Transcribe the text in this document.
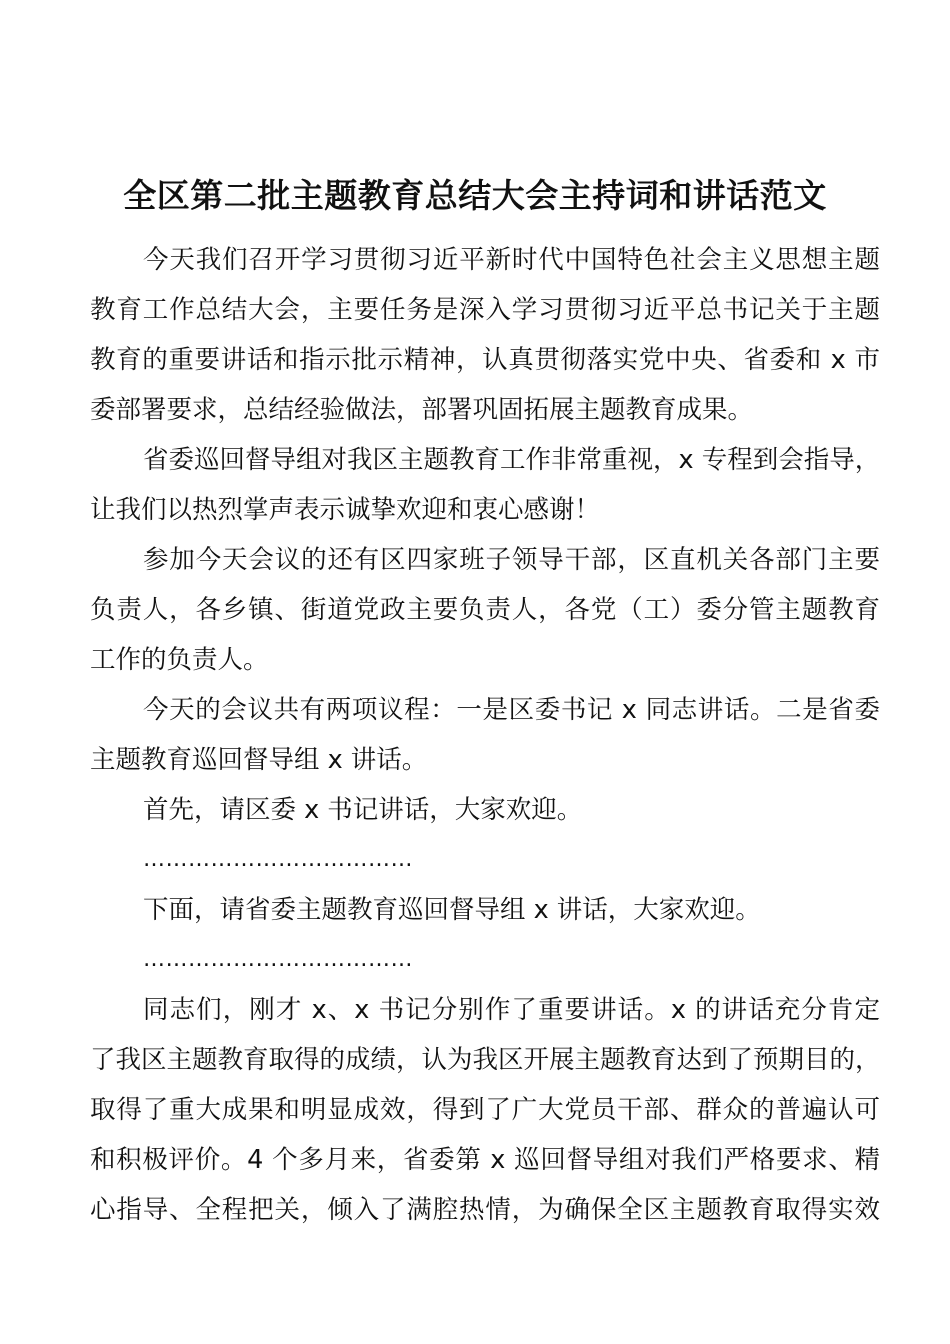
全区第二批主题教育总结大会主持词和讲话范文
今天我们召开学习贯彻习近平新时代中国特色社会主义思想主题
教育工作总结大会，主要任务是深入学习贯彻习近平总书记关于主题
教育的重要讲话和指示批示精神，认真贯彻落实党中央、省委和 x 市
委部署要求，总结经验做法，部署巩固拓展主题教育成果。
省委巡回督导组对我区主题教育工作非常重视，x 专程到会指导，
让我们以热烈掌声表示诚挚欢迎和衷心感谢！
参加今天会议的还有区四家班子领导干部，区直机关各部门主要
负责人，各乡镇、街道党政主要负责人，各党（工）委分管主题教育
工作的负责人。
今天的会议共有两项议程：一是区委书记 x 同志讲话。二是省委
主题教育巡回督导组 x 讲话。
首先，请区委 x 书记讲话，大家欢迎。
………………………………
下面，请省委主题教育巡回督导组 x 讲话，大家欢迎。
………………………………
同志们，刚才 x、x 书记分别作了重要讲话。x 的讲话充分肯定
了我区主题教育取得的成绩，认为我区开展主题教育达到了预期目的，
取得了重大成果和明显成效，得到了广大党员干部、群众的普遍认可
和积极评价。4 个多月来，省委第 x 巡回督导组对我们严格要求、精
心指导、全程把关，倾入了满腔热情，为确保全区主题教育取得实效
